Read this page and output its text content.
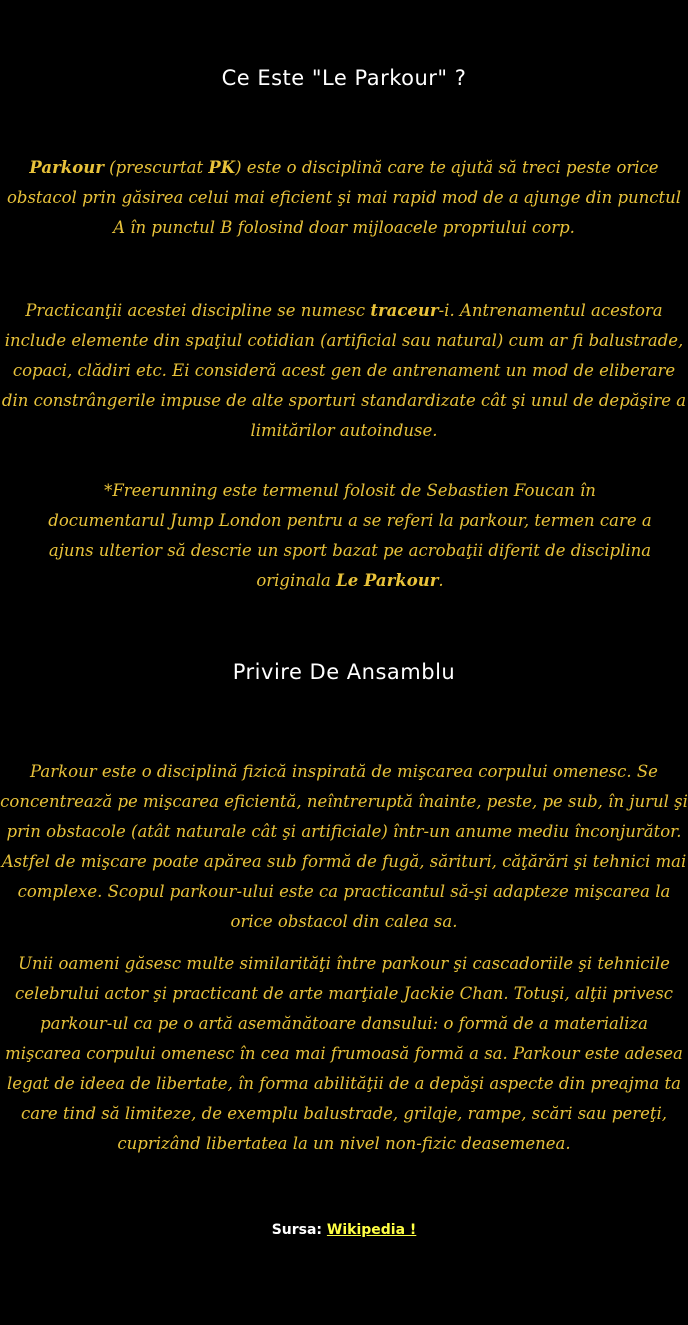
Ce Este "Le Parkour" ?

Parkour (prescurtat PK) este o disciplină care te ajută să treci peste orice obstacol prin găsirea celui mai eficient şi mai rapid mod de a ajunge din punctul A în punctul B folosind doar mijloacele propriului corp.

Practicanţii acestei discipline se numesc traceur-i. Antrenamentul acestora include elemente din spaţiul cotidian (artificial sau natural) cum ar fi balustrade, copaci, clădiri etc. Ei consideră acest gen de antrenament un mod de eliberare din constrângerile impuse de alte sporturi standardizate cât şi unul de depăşire a limitărilor autoinduse.

*Freerunning este termenul folosit de Sebastien Foucan în documentarul Jump London pentru a se referi la parkour, termen care a ajuns ulterior să descrie un sport bazat pe acrobaţii diferit de disciplina originala Le Parkour.

Privire De Ansamblu

Parkour este o disciplină fizică inspirată de mişcarea corpului omenesc. Se concentrează pe mişcarea eficientă, neîntreruptă înainte, peste, pe sub, în jurul şi prin obstacole (atât naturale cât şi artificiale) într-un anume mediu înconjurător. Astfel de mişcare poate apărea sub formă de fugă, sărituri, căţărări şi tehnici mai complexe. Scopul parkour-ului este ca practicantul să-şi adapteze mişcarea la orice obstacol din calea sa.

Unii oameni găsesc multe similarităţi între parkour şi cascadoriile şi tehnicile celebrului actor şi practicant de arte marţiale Jackie Chan. Totuşi, alţii privesc parkour-ul ca pe o artă asemănătoare dansului: o formă de a materializa mişcarea corpului omenesc în cea mai frumoasă formă a sa. Parkour este adesea legat de ideea de libertate, în forma abilităţii de a depăşi aspecte din preajma ta care tind să limiteze, de exemplu balustrade, grilaje, rampe, scări sau pereţi, cuprizând libertatea la un nivel non-fizic deasemenea.

Sursa: Wikipedia !
